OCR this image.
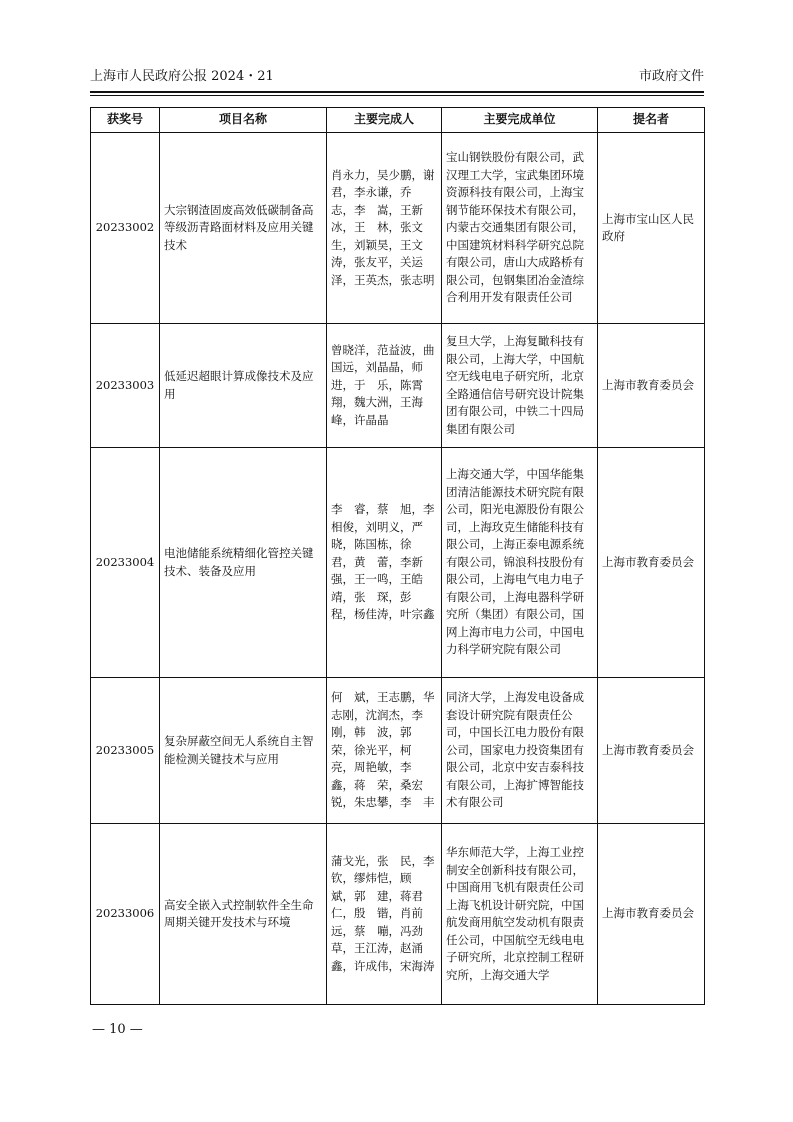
上海市人民政府公报 2024・21	市政府文件
获奖号	项目名称	主要完成人	主要完成单位	提名者
20233002	大宗钢渣固废高效低碳制备高等级沥青路面材料及应用关键技术	肖永力，吴少鹏，谢　君，李永谦，乔　志，李　嵩，王新冰，王　林，张文生，刘颖昊，王文涛，张友平，关运泽，王英杰，张志明	宝山钢铁股份有限公司，武汉理工大学，宝武集团环境资源科技有限公司，上海宝钢节能环保技术有限公司，内蒙古交通集团有限公司，中国建筑材料科学研究总院有限公司，唐山大成路桥有限公司，包钢集团冶金渣综合利用开发有限责任公司	上海市宝山区人民政府
20233003	低延迟超眼计算成像技术及应用	曾晓洋，范益波，曲国远，刘晶晶，师　进，于　乐，陈霄翔，魏大洲，王海峰，许晶晶	复旦大学，上海复瞰科技有限公司，上海大学，中国航空无线电电子研究所，北京全路通信信号研究设计院集团有限公司，中铁二十四局集团有限公司	上海市教育委员会
20233004	电池储能系统精细化管控关键技术、装备及应用	李　睿，蔡　旭，李相俊，刘明义，严　晓，陈国栋，徐　君，黄　蕾，李新强，王一鸣，王皓靖，张　琛，彭　程，杨佳涛，叶宗鑫	上海交通大学，中国华能集团清洁能源技术研究院有限公司，阳光电源股份有限公司，上海玫克生储能科技有限公司，上海正泰电源系统有限公司，锦浪科技股份有限公司，上海电气电力电子有限公司，上海电器科学研究所（集团）有限公司，国网上海市电力公司，中国电力科学研究院有限公司	上海市教育委员会
20233005	复杂屏蔽空间无人系统自主智能检测关键技术与应用	何　斌，王志鹏，华志刚，沈润杰，李　刚，韩　波，郭　荣，徐光平，柯　亮，周艳敏，李　鑫，蒋　荣，桑宏锐，朱忠攀，李　丰	同济大学，上海发电设备成套设计研究院有限责任公司，中国长江电力股份有限公司，国家电力投资集团有限公司，北京中安吉泰科技有限公司，上海扩博智能技术有限公司	上海市教育委员会
20233006	高安全嵌入式控制软件全生命周期关键开发技术与环境	蒲戈光，张　民，李　钦，缪炜恺，顾　斌，郭　建，蒋君仁，殷　锴，肖前远，蔡　嘣，冯劲草，王江涛，赵涌鑫，许成伟，宋海涛	华东师范大学，上海工业控制安全创新科技有限公司，中国商用飞机有限责任公司上海飞机设计研究院，中国航发商用航空发动机有限责任公司，中国航空无线电电子研究所，北京控制工程研究所，上海交通大学	上海市教育委员会
— 10 —
